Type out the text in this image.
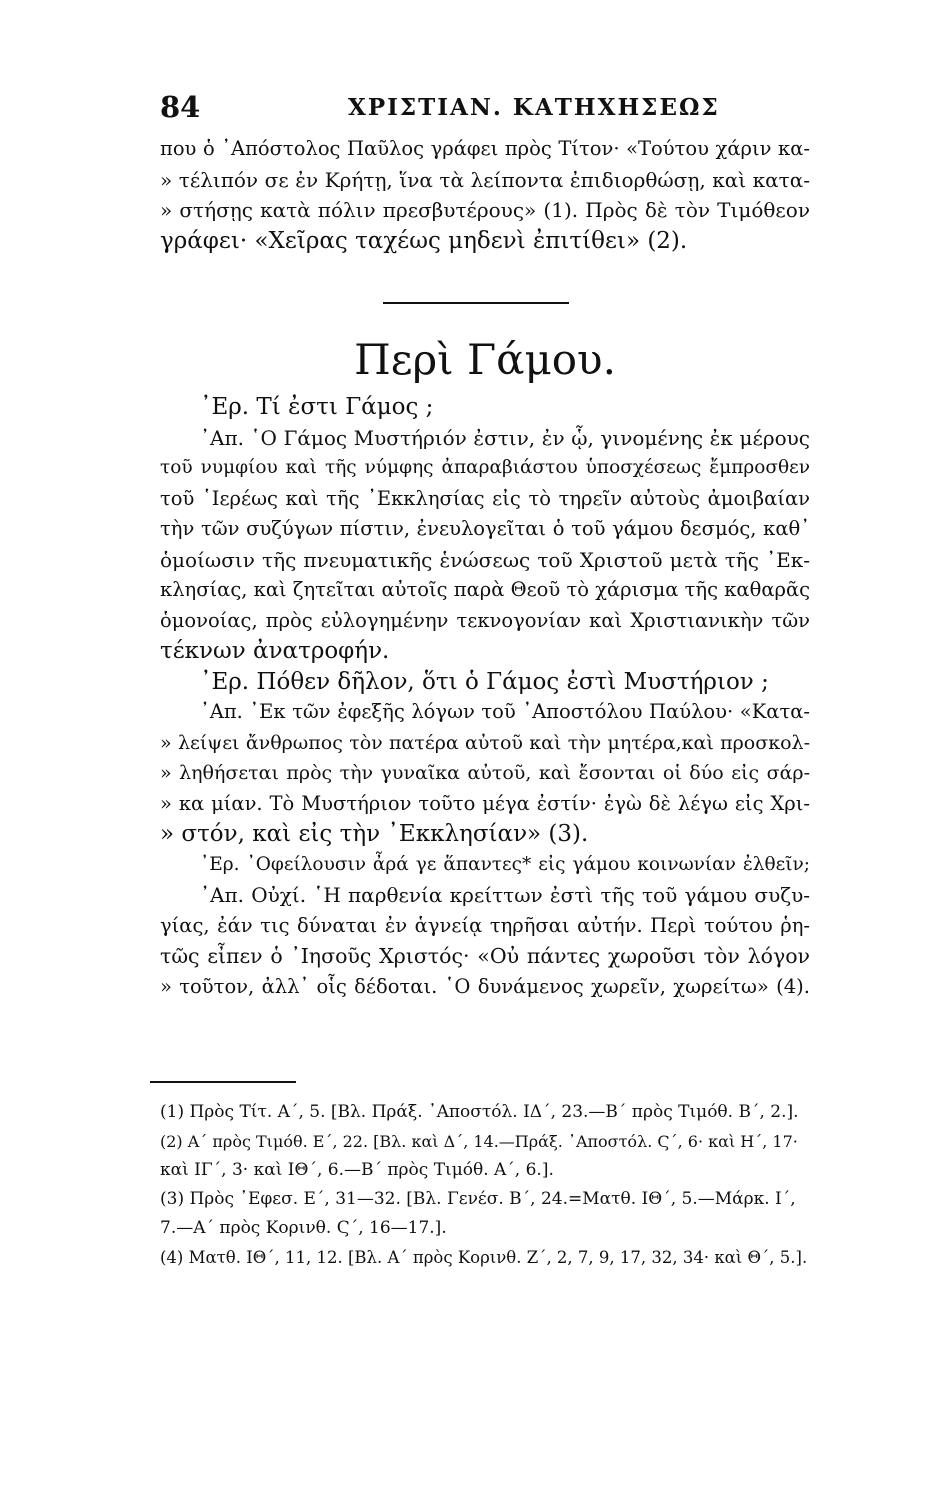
84	ΧΡΙΣΤΙΑΝ. ΚΑΤΗΧΗΣΕΩΣ
που ὁ ᾿Απόστολος Παῦλος γράφει πρὸς Τίτον· «Τούτου χάριν κα-
» τέλιπόν σε ἐν Κρήτῃ, ἵνα τὰ λείποντα ἐπιδιορθώσῃ, καὶ κατα-
» στήσῃς κατὰ πόλιν πρεσβυτέρους» (1). Πρὸς δὲ τὸν Τιμόθεον
γράφει· «Χεῖρας ταχέως μηδενὶ ἐπιτίθει» (2).
Περὶ Γάμου.
᾿Ερ. Τί ἐστι Γάμος ;
᾿Απ. ῾Ο Γάμος Μυστήριόν ἐστιν, ἐν ᾧ, γινομένης ἐκ μέρους
τοῦ νυμφίου καὶ τῆς νύμφης ἀπαραβιάστου ὑποσχέσεως ἔμπροσθεν
τοῦ ῾Ιερέως καὶ τῆς ᾿Εκκλησίας εἰς τὸ τηρεῖν αὐτοὺς ἀμοιβαίαν
τὴν τῶν συζύγων πίστιν, ἐνευλογεῖται ὁ τοῦ γάμου δεσμός, καθ᾿
ὁμοίωσιν τῆς πνευματικῆς ἑνώσεως τοῦ Χριστοῦ μετὰ τῆς ᾿Εκ-
κλησίας, καὶ ζητεῖται αὐτοῖς παρὰ Θεοῦ τὸ χάρισμα τῆς καθαρᾶς
ὁμονοίας, πρὸς εὐλογημένην τεκνογονίαν καὶ Χριστιανικὴν τῶν
τέκνων ἀνατροφήν.
᾿Ερ. Πόθεν δῆλον, ὅτι ὁ Γάμος ἐστὶ Μυστήριον ;
᾿Απ. ᾿Εκ τῶν ἐφεξῆς λόγων τοῦ ᾿Αποστόλου Παύλου· «Κατα-
» λείψει ἄνθρωπος τὸν πατέρα αὐτοῦ καὶ τὴν μητέρα,καὶ προσκολ-
» ληθήσεται πρὸς τὴν γυναῖκα αὐτοῦ, καὶ ἔσονται οἱ δύο εἰς σάρ-
» κα μίαν. Τὸ Μυστήριον τοῦτο μέγα ἐστίν· ἐγὼ δὲ λέγω εἰς Χρι-
» στόν, καὶ εἰς τὴν ᾿Εκκλησίαν» (3).
᾿Ερ. ᾿Οφείλουσιν ἆρά γε ἅπαντες* εἰς γάμου κοινωνίαν ἐλθεῖν;
᾿Απ. Οὐχί. ῾Η παρθενία κρείττων ἐστὶ τῆς τοῦ γάμου συζυ-
γίας, ἐάν τις δύναται ἐν ἁγνείᾳ τηρῆσαι αὐτήν. Περὶ τούτου ῥη-
τῶς εἶπεν ὁ ᾿Ιησοῦς Χριστός· «Οὐ πάντες χωροῦσι τὸν λόγον
» τοῦτον, ἀλλ᾿ οἷς δέδοται. ῾Ο δυνάμενος χωρεῖν, χωρείτω» (4).
(1) Πρὸς Τίτ. Α΄, 5. [Βλ. Πράξ. ᾿Αποστόλ. ΙΔ΄, 23.—Β΄ πρὸς Τιμόθ. Β΄, 2.].
(2) Α΄ πρὸς Τιμόθ. Ε΄, 22. [Βλ. καὶ Δ΄, 14.—Πράξ. ᾿Αποστόλ. Ϛ΄, 6· καὶ Η΄, 17·
καὶ ΙΓ΄, 3· καὶ ΙΘ΄, 6.—Β΄ πρὸς Τιμόθ. Α΄, 6.].
(3) Πρὸς ᾿Εφεσ. Ε΄, 31—32. [Βλ. Γενέσ. Β΄, 24.=Ματθ. ΙΘ΄, 5.—Μάρκ. Ι΄,
7.—Α΄ πρὸς Κορινθ. Ϛ΄, 16—17.].
(4) Ματθ. ΙΘ΄, 11, 12. [Βλ. Α΄ πρὸς Κορινθ. Ζ΄, 2, 7, 9, 17, 32, 34· καὶ Θ΄, 5.].
